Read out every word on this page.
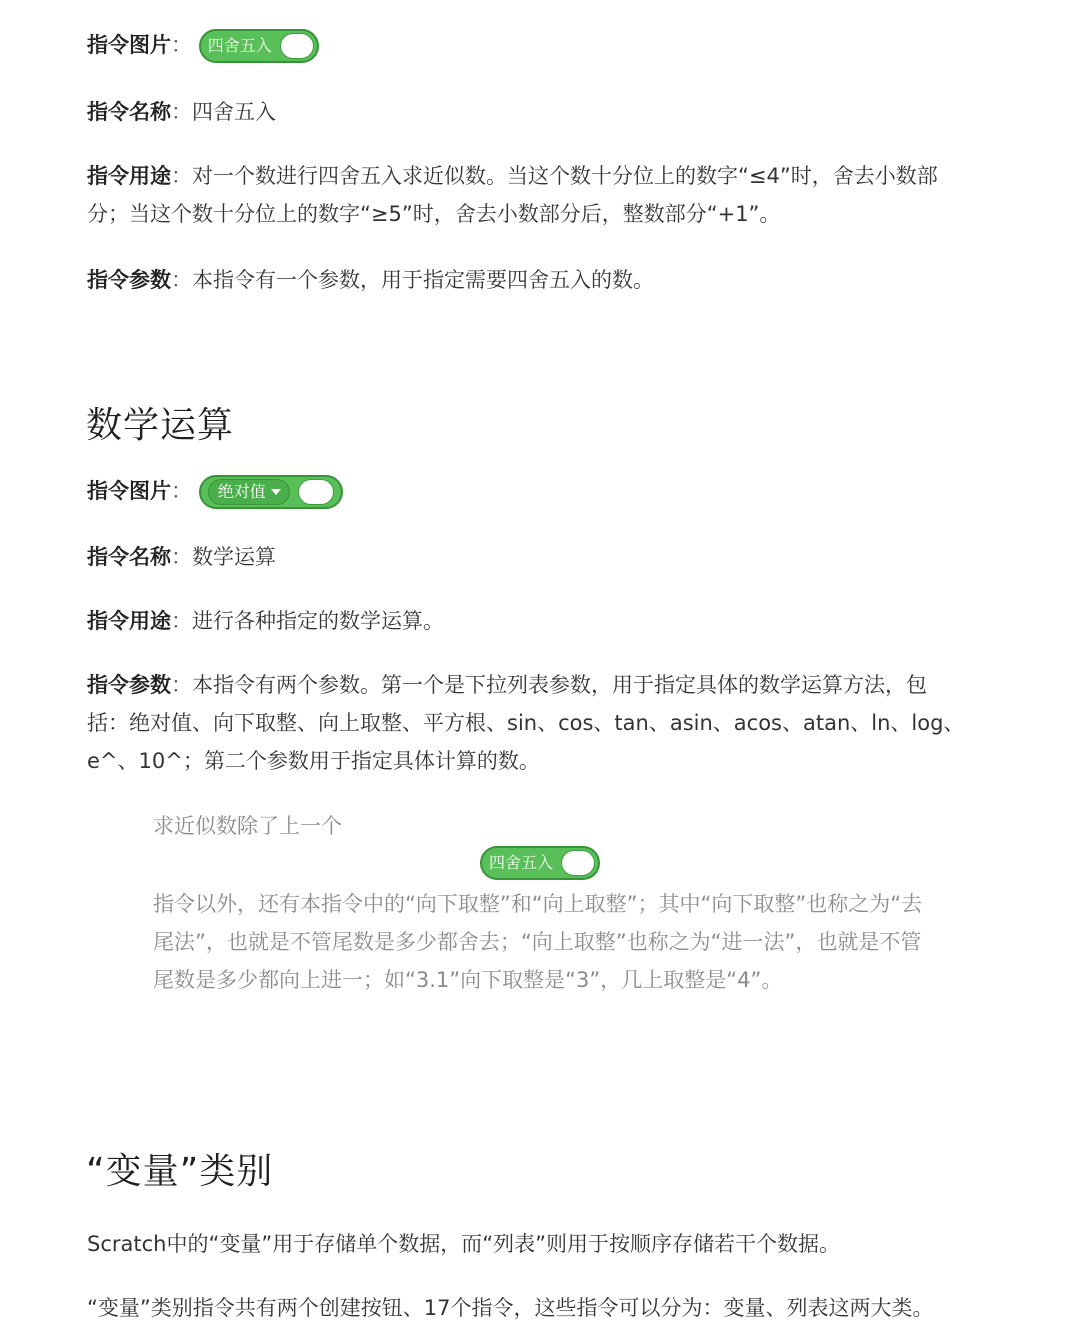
指令图片： 四舍五入

指令名称：四舍五入

指令用途：对一个数进行四舍五入求近似数。当这个数十分位上的数字“≤4”时，舍去小数部分；当这个数十分位上的数字“≥5”时，舍去小数部分后，整数部分“+1”。

指令参数：本指令有一个参数，用于指定需要四舍五入的数。

数学运算
指令图片： 绝对值

指令名称：数学运算

指令用途：进行各种指定的数学运算。

指令参数：本指令有两个参数。第一个是下拉列表参数，用于指定具体的数学运算方法，包括：绝对值、向下取整、向上取整、平方根、sin、cos、tan、asin、acos、atan、ln、log、e^、10^；第二个参数用于指定具体计算的数。

求近似数除了上一个

四舍五入

指令以外，还有本指令中的“向下取整”和“向上取整”；其中“向下取整”也称之为“去尾法”，也就是不管尾数是多少都舍去；“向上取整”也称之为“进一法”，也就是不管尾数是多少都向上进一；如“3.1”向下取整是“3”，几上取整是“4”。

“变量”类别

Scratch中的“变量”用于存储单个数据，而“列表”则用于按顺序存储若干个数据。

“变量”类别指令共有两个创建按钮、17个指令，这些指令可以分为：变量、列表这两大类。
